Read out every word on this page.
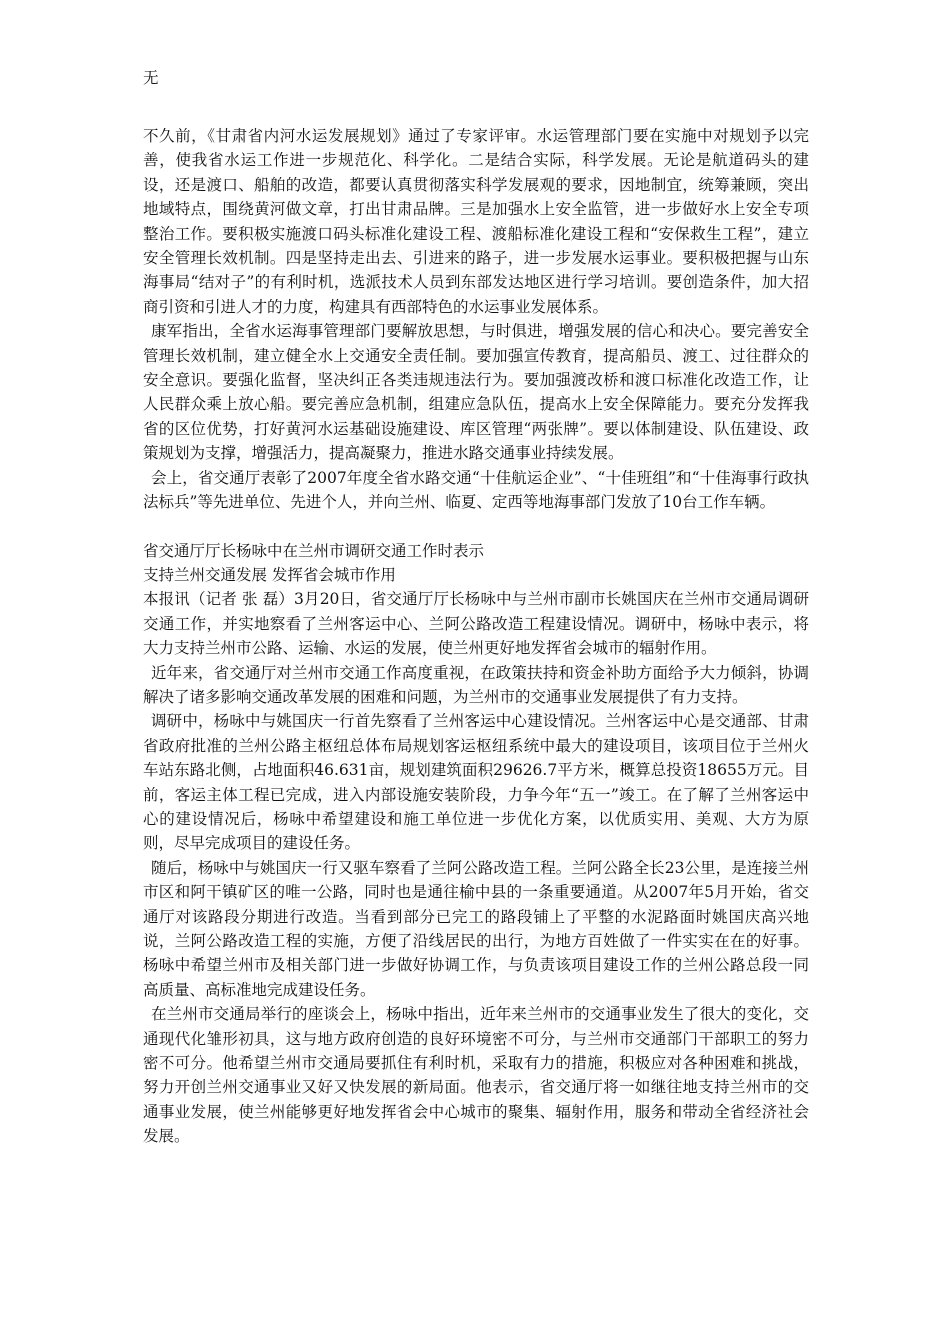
无

不久前，《甘肃省内河水运发展规划》通过了专家评审。水运管理部门要在实施中对规划予以完善，使我省水运工作进一步规范化、科学化。二是结合实际，科学发展。无论是航道码头的建设，还是渡口、船舶的改造，都要认真贯彻落实科学发展观的要求，因地制宜，统筹兼顾，突出地域特点，围绕黄河做文章，打出甘肃品牌。三是加强水上安全监管，进一步做好水上安全专项整治工作。要积极实施渡口码头标准化建设工程、渡船标准化建设工程和“安保救生工程”，建立安全管理长效机制。四是坚持走出去、引进来的路子，进一步发展水运事业。要积极把握与山东海事局“结对子”的有利时机，选派技术人员到东部发达地区进行学习培训。要创造条件，加大招商引资和引进人才的力度，构建具有西部特色的水运事业发展体系。

康军指出，全省水运海事管理部门要解放思想，与时俱进，增强发展的信心和决心。要完善安全管理长效机制，建立健全水上交通安全责任制。要加强宣传教育，提高船员、渡工、过往群众的安全意识。要强化监督，坚决纠正各类违规违法行为。要加强渡改桥和渡口标准化改造工作，让人民群众乘上放心船。要完善应急机制，组建应急队伍，提高水上安全保障能力。要充分发挥我省的区位优势，打好黄河水运基础设施建设、库区管理“两张牌”。要以体制建设、队伍建设、政策规划为支撑，增强活力，提高凝聚力，推进水路交通事业持续发展。

会上，省交通厅表彰了2007年度全省水路交通“十佳航运企业”、“十佳班组”和“十佳海事行政执法标兵”等先进单位、先进个人，并向兰州、临夏、定西等地海事部门发放了10台工作车辆。

省交通厅厅长杨咏中在兰州市调研交通工作时表示

支持兰州交通发展 发挥省会城市作用

本报讯（记者 张 磊）3月20日，省交通厅厅长杨咏中与兰州市副市长姚国庆在兰州市交通局调研交通工作，并实地察看了兰州客运中心、兰阿公路改造工程建设情况。调研中，杨咏中表示，将大力支持兰州市公路、运输、水运的发展，使兰州更好地发挥省会城市的辐射作用。

近年来，省交通厅对兰州市交通工作高度重视，在政策扶持和资金补助方面给予大力倾斜，协调解决了诸多影响交通改革发展的困难和问题，为兰州市的交通事业发展提供了有力支持。

调研中，杨咏中与姚国庆一行首先察看了兰州客运中心建设情况。兰州客运中心是交通部、甘肃省政府批准的兰州公路主枢纽总体布局规划客运枢纽系统中最大的建设项目，该项目位于兰州火车站东路北侧，占地面积46.631亩，规划建筑面积29626.7平方米，概算总投资18655万元。目前，客运主体工程已完成，进入内部设施安装阶段，力争今年“五一”竣工。在了解了兰州客运中心的建设情况后，杨咏中希望建设和施工单位进一步优化方案，以优质实用、美观、大方为原则，尽早完成项目的建设任务。

随后，杨咏中与姚国庆一行又驱车察看了兰阿公路改造工程。兰阿公路全长23公里，是连接兰州市区和阿干镇矿区的唯一公路，同时也是通往榆中县的一条重要通道。从2007年5月开始，省交通厅对该路段分期进行改造。当看到部分已完工的路段铺上了平整的水泥路面时姚国庆高兴地说，兰阿公路改造工程的实施，方便了沿线居民的出行，为地方百姓做了一件实实在在的好事。杨咏中希望兰州市及相关部门进一步做好协调工作，与负责该项目建设工作的兰州公路总段一同高质量、高标准地完成建设任务。

在兰州市交通局举行的座谈会上，杨咏中指出，近年来兰州市的交通事业发生了很大的变化，交通现代化雏形初具，这与地方政府创造的良好环境密不可分，与兰州市交通部门干部职工的努力密不可分。他希望兰州市交通局要抓住有利时机，采取有力的措施，积极应对各种困难和挑战，努力开创兰州交通事业又好又快发展的新局面。他表示，省交通厅将一如继往地支持兰州市的交通事业发展，使兰州能够更好地发挥省会中心城市的聚集、辐射作用，服务和带动全省经济社会发展。
